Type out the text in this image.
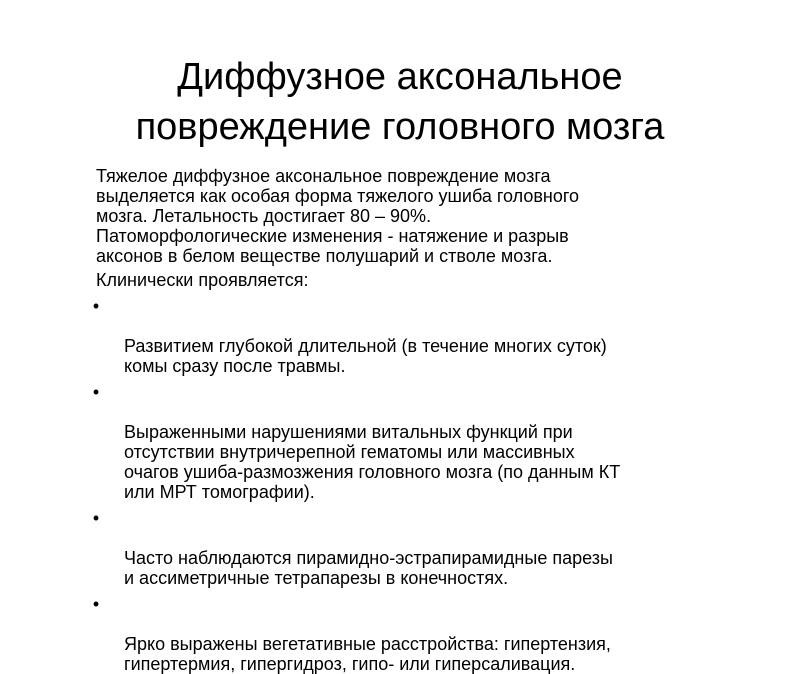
Диффузное аксональное
повреждение головного мозга

Тяжелое диффузное аксональное повреждение мозга
выделяется как особая форма тяжелого ушиба головного
мозга. Летальность достигает 80 – 90%.
Патоморфологические изменения - натяжение и разрыв
аксонов в белом веществе полушарий и стволе мозга.

Клинически проявляется:

•

Развитием глубокой длительной (в течение многих суток)
комы сразу после травмы.

•

Выраженными нарушениями витальных функций при
отсутствии внутричерепной гематомы или массивных
очагов ушиба-размозжения головного мозга (по данным КТ
или МРТ томографии).

•

Часто наблюдаются пирамидно-эстрапирамидные парезы
и ассиметричные тетрапарезы в конечностях.

•

Ярко выражены вегетативные расстройства: гипертензия,
гипертермия, гипергидроз, гипо- или гиперсаливация.
